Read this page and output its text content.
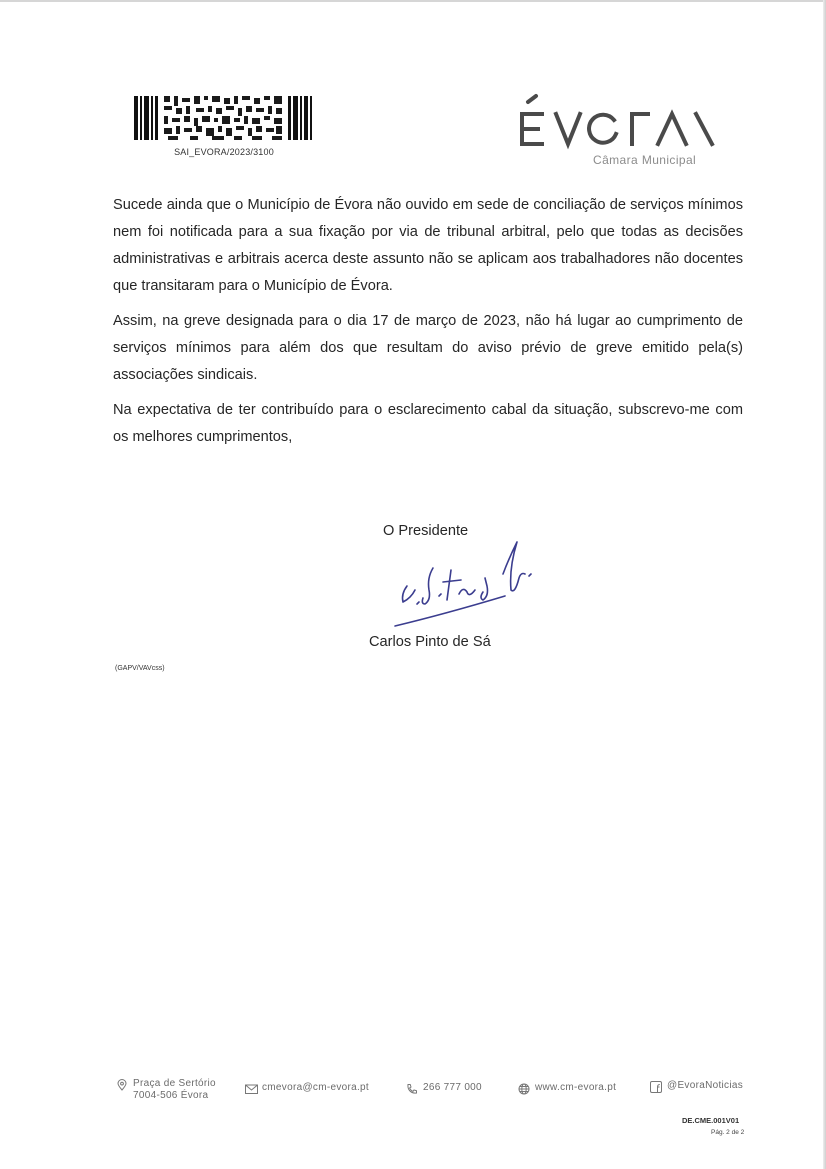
SAI_EVORA/2023/3100
Câmara Municipal

Sucede ainda que o Município de Évora não ouvido em sede de conciliação de serviços mínimos nem foi notificada para a sua fixação por via de tribunal arbitral, pelo que todas as decisões administrativas e arbitrais acerca deste assunto não se aplicam aos trabalhadores não docentes que transitaram para o Município de Évora.

Assim, na greve designada para o dia 17 de março de 2023, não há lugar ao cumprimento de serviços mínimos para além dos que resultam do aviso prévio de greve emitido pela(s) associações sindicais.

Na expectativa de ter contribuído para o esclarecimento cabal da situação, subscrevo-me com os melhores cumprimentos,

O Presidente
Carlos Pinto de Sá
(GAPV/VAVcss)
Praça de Sertório
7004-506 Évora
cmevora@cm-evora.pt	266 777 000	www.cm-evora.pt	@EvoraNoticias
DE.CME.001V01
Pág. 2 de 2
